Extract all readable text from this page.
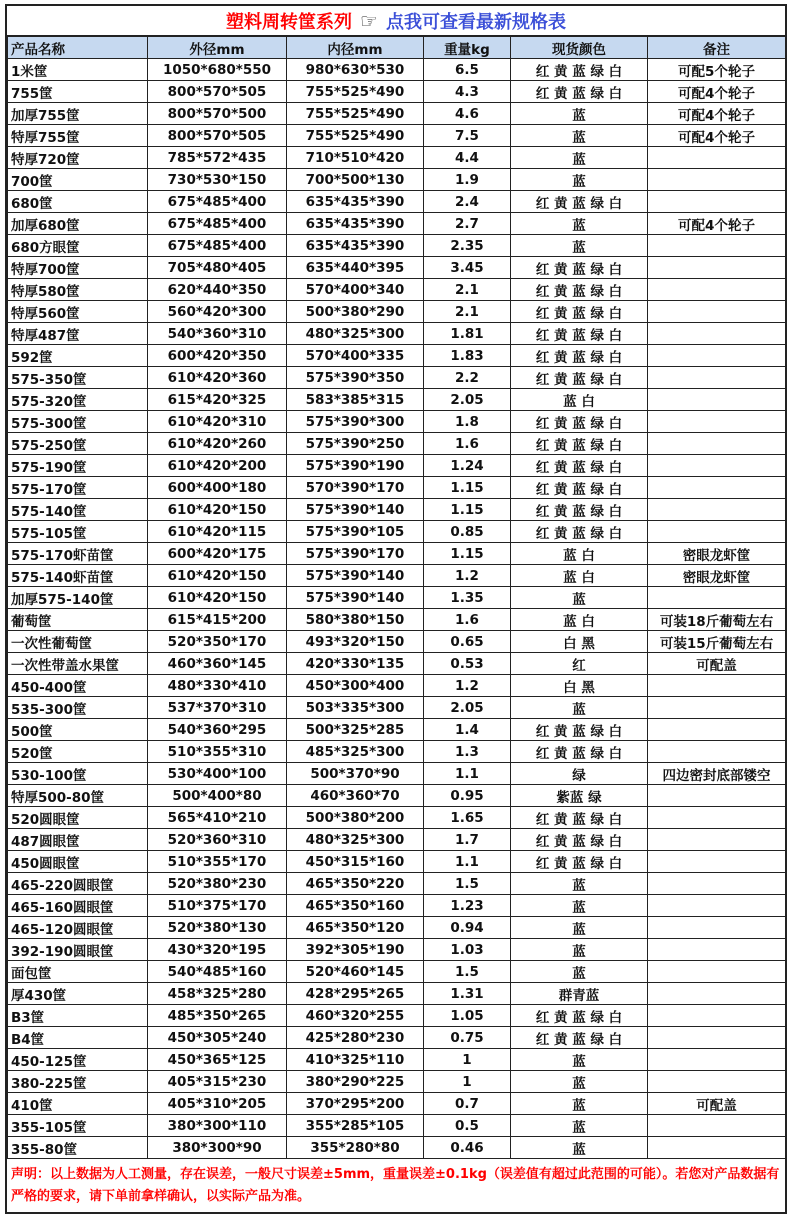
塑料周转筐系列 ☞ 点我可查看最新规格表
产品名称	外径mm	内径mm	重量kg	现货颜色	备注
1米筐	1050*680*550	980*630*530	6.5	红 黄 蓝 绿 白	可配5个轮子
755筐	800*570*505	755*525*490	4.3	红 黄 蓝 绿 白	可配4个轮子
加厚755筐	800*570*500	755*525*490	4.6	蓝	可配4个轮子
特厚755筐	800*570*505	755*525*490	7.5	蓝	可配4个轮子
特厚720筐	785*572*435	710*510*420	4.4	蓝	
700筐	730*530*150	700*500*130	1.9	蓝	
680筐	675*485*400	635*435*390	2.4	红 黄 蓝 绿 白	
加厚680筐	675*485*400	635*435*390	2.7	蓝	可配4个轮子
680方眼筐	675*485*400	635*435*390	2.35	蓝	
特厚700筐	705*480*405	635*440*395	3.45	红 黄 蓝 绿 白	
特厚580筐	620*440*350	570*400*340	2.1	红 黄 蓝 绿 白	
特厚560筐	560*420*300	500*380*290	2.1	红 黄 蓝 绿 白	
特厚487筐	540*360*310	480*325*300	1.81	红 黄 蓝 绿 白	
592筐	600*420*350	570*400*335	1.83	红 黄 蓝 绿 白	
575-350筐	610*420*360	575*390*350	2.2	红 黄 蓝 绿 白	
575-320筐	615*420*325	583*385*315	2.05	蓝 白	
575-300筐	610*420*310	575*390*300	1.8	红 黄 蓝 绿 白	
575-250筐	610*420*260	575*390*250	1.6	红 黄 蓝 绿 白	
575-190筐	610*420*200	575*390*190	1.24	红 黄 蓝 绿 白	
575-170筐	600*400*180	570*390*170	1.15	红 黄 蓝 绿 白	
575-140筐	610*420*150	575*390*140	1.15	红 黄 蓝 绿 白	
575-105筐	610*420*115	575*390*105	0.85	红 黄 蓝 绿 白	
575-170虾苗筐	600*420*175	575*390*170	1.15	蓝 白	密眼龙虾筐
575-140虾苗筐	610*420*150	575*390*140	1.2	蓝 白	密眼龙虾筐
加厚575-140筐	610*420*150	575*390*140	1.35	蓝	
葡萄筐	615*415*200	580*380*150	1.6	蓝 白	可装18斤葡萄左右
一次性葡萄筐	520*350*170	493*320*150	0.65	白 黑	可装15斤葡萄左右
一次性带盖水果筐	460*360*145	420*330*135	0.53	红	可配盖
450-400筐	480*330*410	450*300*400	1.2	白 黑	
535-300筐	537*370*310	503*335*300	2.05	蓝	
500筐	540*360*295	500*325*285	1.4	红 黄 蓝 绿 白	
520筐	510*355*310	485*325*300	1.3	红 黄 蓝 绿 白	
530-100筐	530*400*100	500*370*90	1.1	绿	四边密封底部镂空
特厚500-80筐	500*400*80	460*360*70	0.95	紫蓝 绿	
520圆眼筐	565*410*210	500*380*200	1.65	红 黄 蓝 绿 白	
487圆眼筐	520*360*310	480*325*300	1.7	红 黄 蓝 绿 白	
450圆眼筐	510*355*170	450*315*160	1.1	红 黄 蓝 绿 白	
465-220圆眼筐	520*380*230	465*350*220	1.5	蓝	
465-160圆眼筐	510*375*170	465*350*160	1.23	蓝	
465-120圆眼筐	520*380*130	465*350*120	0.94	蓝	
392-190圆眼筐	430*320*195	392*305*190	1.03	蓝	
面包筐	540*485*160	520*460*145	1.5	蓝	
厚430筐	458*325*280	428*295*265	1.31	群青蓝	
B3筐	485*350*265	460*320*255	1.05	红 黄 蓝 绿 白	
B4筐	450*305*240	425*280*230	0.75	红 黄 蓝 绿 白	
450-125筐	450*365*125	410*325*110	1	蓝	
380-225筐	405*315*230	380*290*225	1	蓝	
410筐	405*310*205	370*295*200	0.7	蓝	可配盖
355-105筐	380*300*110	355*285*105	0.5	蓝	
355-80筐	380*300*90	355*280*80	0.46	蓝	
声明：以上数据为人工测量，存在误差，一般尺寸误差±5mm，重量误差±0.1kg（误差值有超过此范围的可能）。若您对产品数据有严格的要求，请下单前拿样确认，以实际产品为准。
